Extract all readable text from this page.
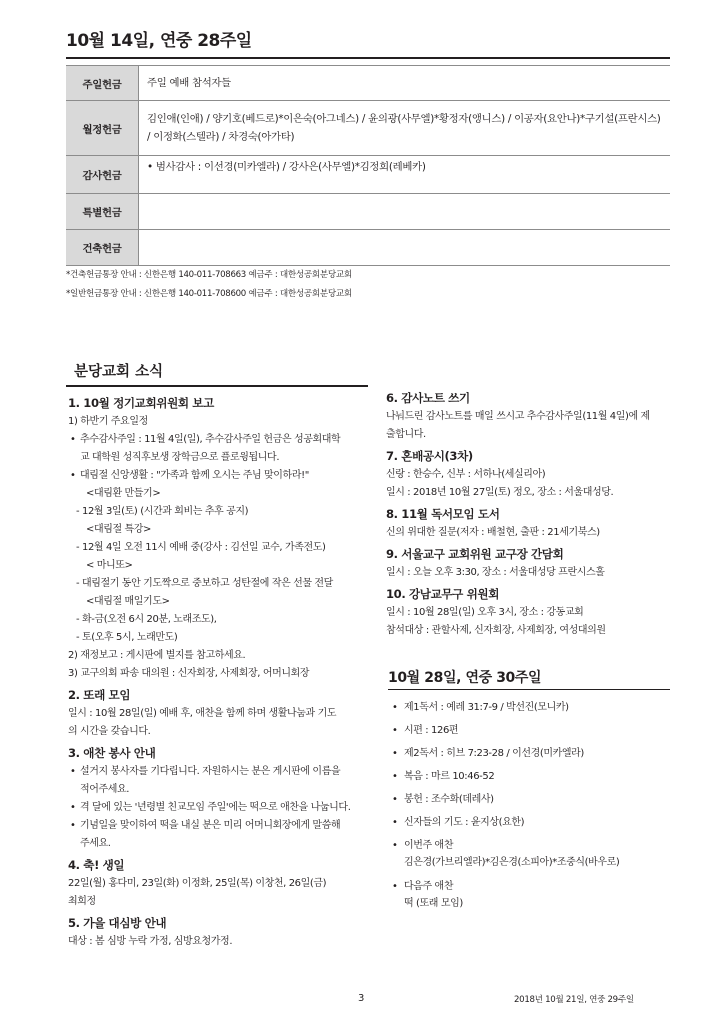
10월 14일, 연중 28주일
주일헌금	주일 예배 참석자들
월정헌금	김인애(인애) / 양기호(베드로)*이은숙(아그네스) / 윤의광(사무엘)*황정자(앵니스) / 이공자(요안나)*구기설(프란시스) / 이정화(스텔라) / 차경숙(아가타)
감사헌금	• 범사감사 : 이선경(미카엘라) / 강사은(사무엘)*김정희(레베카)
특별헌금	
건축헌금	
*건축헌금통장 안내 : 신한은행 140-011-708663 예금주 : 대한성공회분당교회
*일반헌금통장 안내 : 신한은행 140-011-708600 예금주 : 대한성공회분당교회
분당교회 소식
1. 10월 정기교회위원회 보고
1) 하반기 주요일정
• 추수감사주일 : 11월 4일(일), 추수감사주일 헌금은 성공회대학
교 대학원 성직후보생 장학금으로 플로윙됩니다.
• 대림절 신앙생활 : "가족과 함께 오시는 주님 맞이하라!"
<대림환 만들기>
- 12월 3일(토) (시간과 회비는 추후 공지)
<대림절 특강>
- 12월 4일 오전 11시 예배 중(강사 : 김선일 교수, 가족전도)
< 마니또>
- 대림절기 동안 기도짝으로 중보하고 성탄절에 작은 선물 전달
<대림절 매일기도>
- 화-금(오전 6시 20분, 노래조도),
- 토(오후 5시, 노래만도)
2) 재정보고 : 게시판에 별지를 참고하세요.
3) 교구의회 파송 대의원 : 신자회장, 사제회장, 어머니회장
2. 또래 모임
일시 : 10월 28일(일) 예배 후, 애찬을 함께 하며 생활나눔과 기도
의 시간을 갖습니다.
3. 애찬 봉사 안내
• 설거지 봉사자를 기다립니다. 자원하시는 분은 게시판에 이름을
적어주세요.
• 격 달에 있는 '년령별 친교모임 주일'에는 떡으로 애찬을 나눕니다.
• 기념일을 맞이하여 떡을 내실 분은 미리 어머니회장에게 말씀해
주세요.
4. 축! 생일
22일(월) 홍다미, 23일(화) 이정화, 25일(목) 이창천, 26일(금)
최희정
5. 가을 대심방 안내
대상 : 봄 심방 누락 가정, 심방요청가정.
6. 감사노트 쓰기
나눠드린 감사노트를 매일 쓰시고 추수감사주일(11월 4일)에 제
출합니다.
7. 혼배공시(3차)
신랑 : 한승수, 신부 : 서하나(세실리아)
일시 : 2018년 10월 27일(토) 정오, 장소 : 서울대성당.
8. 11월 독서모임 도서
신의 위대한 질문(저자 : 배철현, 출판 : 21세기북스)
9. 서울교구 교회위원 교구장 간담회
일시 : 오늘 오후 3:30, 장소 : 서울대성당 프란시스홀
10. 강남교무구 위원회
일시 : 10월 28일(일) 오후 3시, 장소 : 강동교회
참석대상 : 관할사제, 신자회장, 사제회장, 여성대의원
10월 28일, 연중 30주일
• 제1독서 : 예레 31:7-9 / 박선진(모니카)
• 시편 : 126편
• 제2독서 : 히브 7:23-28 / 이선경(미카엘라)
• 복음 : 마르 10:46-52
• 봉헌 : 조수화(데레사)
• 신자들의 기도 : 윤지상(요한)
• 이번주 애찬
김은경(가브리엘라)*김은경(소피아)*조중식(바우로)
• 다음주 애찬
떡 (또래 모임)
3	2018년 10월 21일, 연중 29주일
